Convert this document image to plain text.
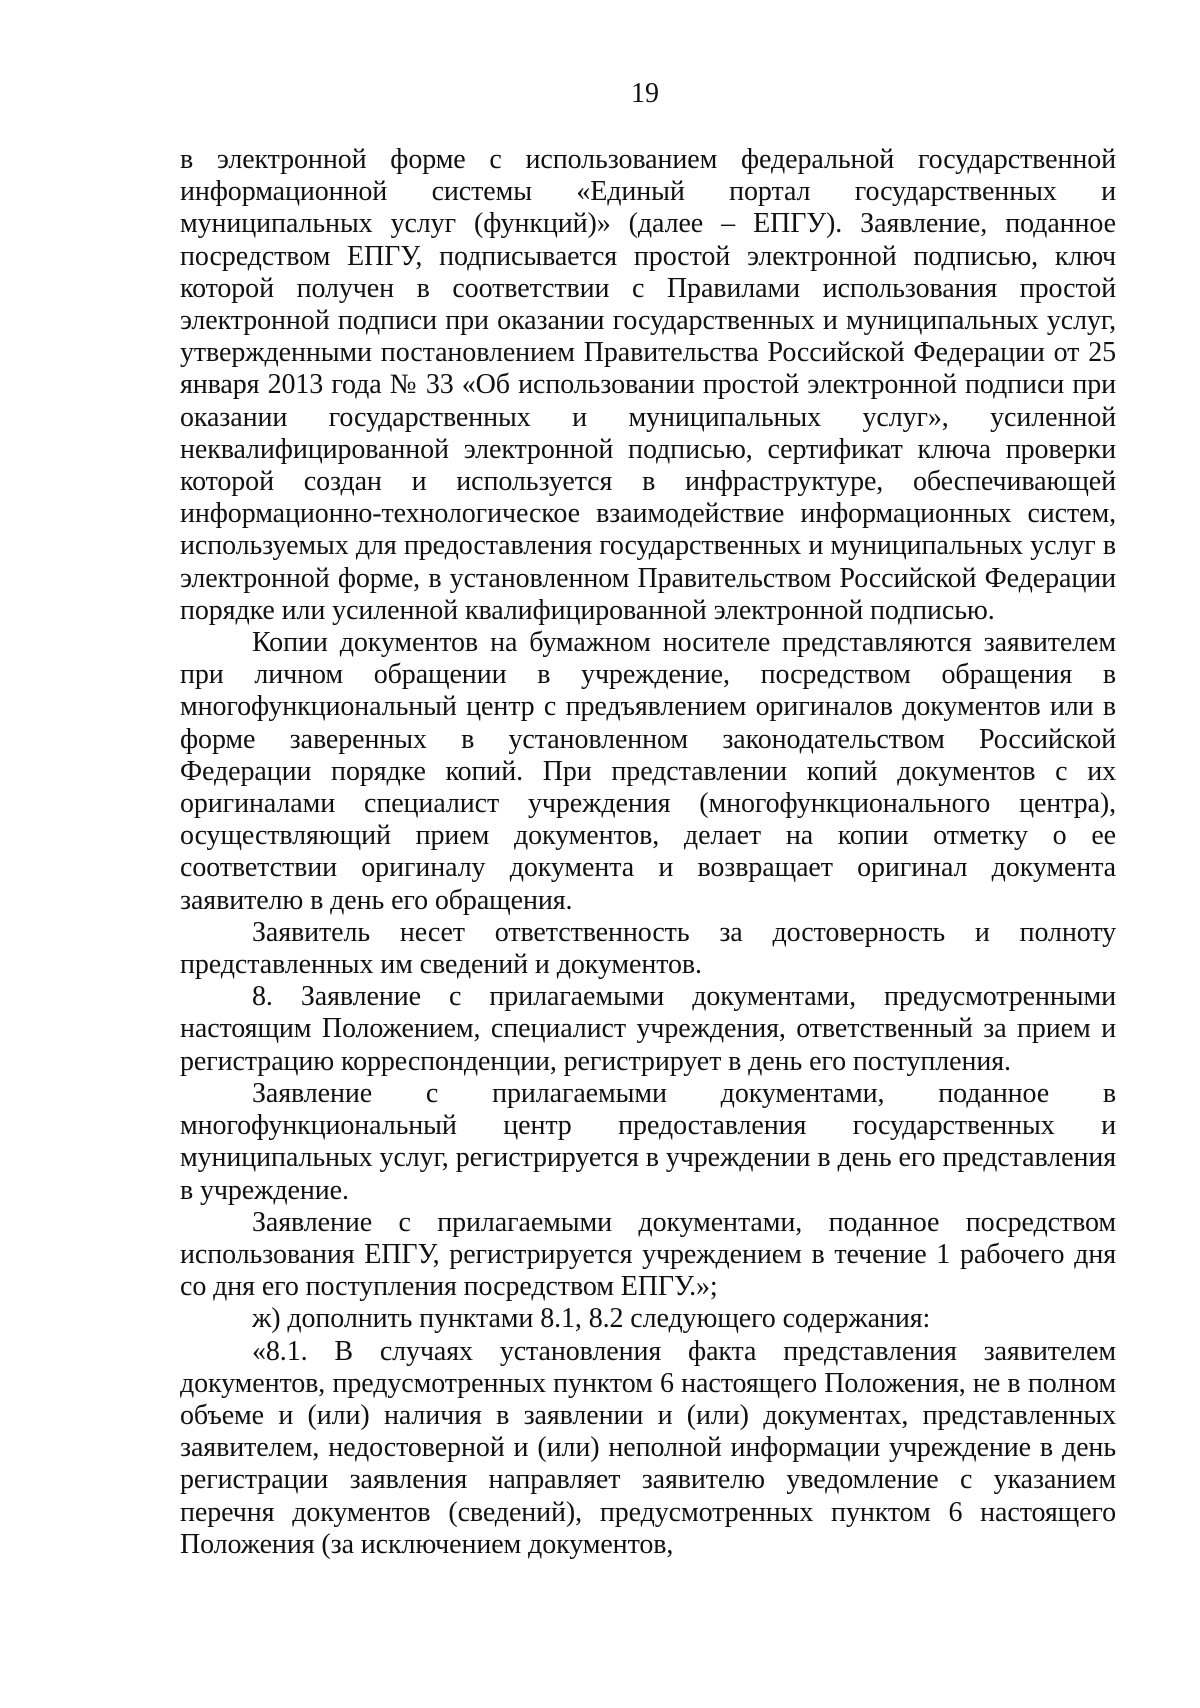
19

в электронной форме с использованием федеральной государственной информационной системы «Единый портал государственных и муниципальных услуг (функций)» (далее – ЕПГУ). Заявление, поданное посредством ЕПГУ, подписывается простой электронной подписью, ключ которой получен в соответствии с Правилами использования простой электронной подписи при оказании государственных и муниципальных услуг, утвержденными постановлением Правительства Российской Федерации от 25 января 2013 года № 33 «Об использовании простой электронной подписи при оказании государственных и муниципальных услуг», усиленной неквалифицированной электронной подписью, сертификат ключа проверки которой создан и используется в инфраструктуре, обеспечивающей информационно-технологическое взаимодействие информационных систем, используемых для предоставления государственных и муниципальных услуг в электронной форме, в установленном Правительством Российской Федерации порядке или усиленной квалифицированной электронной подписью.

Копии документов на бумажном носителе представляются заявителем при личном обращении в учреждение, посредством обращения в многофункциональный центр с предъявлением оригиналов документов или в форме заверенных в установленном законодательством Российской Федерации порядке копий. При представлении копий документов с их оригиналами специалист учреждения (многофункционального центра), осуществляющий прием документов, делает на копии отметку о ее соответствии оригиналу документа и возвращает оригинал документа заявителю в день его обращения.

Заявитель несет ответственность за достоверность и полноту представленных им сведений и документов.

8. Заявление с прилагаемыми документами, предусмотренными настоящим Положением, специалист учреждения, ответственный за прием и регистрацию корреспонденции, регистрирует в день его поступления.

Заявление с прилагаемыми документами, поданное в многофункциональный центр предоставления государственных и муниципальных услуг, регистрируется в учреждении в день его представления в учреждение.

Заявление с прилагаемыми документами, поданное посредством использования ЕПГУ, регистрируется учреждением в течение 1 рабочего дня со дня его поступления посредством ЕПГУ.»;

ж) дополнить пунктами 8.1, 8.2 следующего содержания:

«8.1. В случаях установления факта представления заявителем документов, предусмотренных пунктом 6 настоящего Положения, не в полном объеме и (или) наличия в заявлении и (или) документах, представленных заявителем, недостоверной и (или) неполной информации учреждение в день регистрации заявления направляет заявителю уведомление с указанием перечня документов (сведений), предусмотренных пунктом 6 настоящего Положения (за исключением документов,
